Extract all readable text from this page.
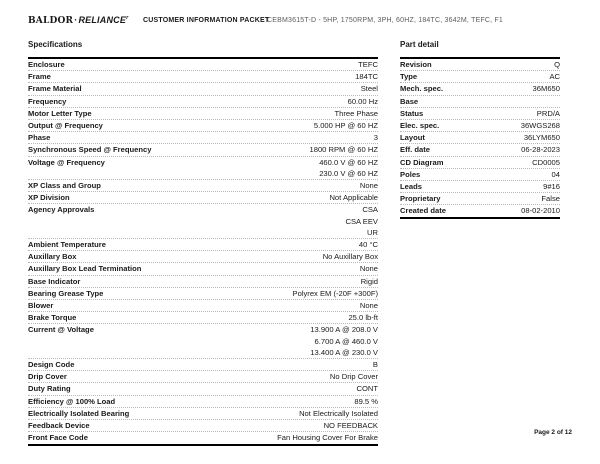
$BALDOR\cdot RELIANCE^r$ CUSTOMER INFORMATION PACKET
CEBM3615T-D - 5HP, 1750RPM, 3PH, 60HZ, 184TC, 3642M, TEFC, F1
Specifications
Enclosure	TEFC
Frame	184TC
Frame Material	Steel
Frequency	60.00 Hz
Motor Letter Type	Three Phase
Output @ Frequency	5.000 HP @ 60 HZ
Phase	3
Synchronous Speed @ Frequency	1800 RPM @ 60 HZ
Voltage @ Frequency	460.0 V @ 60 HZ
230.0 V @ 60 HZ
XP Class and Group	None
XP Division	Not Applicable
Agency Approvals	CSA
CSA EEV
UR
Ambient Temperature	40 °C
Auxillary Box	No Auxillary Box
Auxillary Box Lead Termination	None
Base Indicator	Rigid
Bearing Grease Type	Polyrex EM (-20F +300F)
Blower	None
Brake Torque	25.0 lb-ft
Current @ Voltage	13.900 A @ 208.0 V
6.700 A @ 460.0 V
13.400 A @ 230.0 V
Design Code	B
Drip Cover	No Drip Cover
Duty Rating	CONT
Efficiency @ 100% Load	89.5 %
Electrically Isolated Bearing	Not Electrically Isolated
Feedback Device	NO FEEDBACK
Front Face Code	Fan Housing Cover For Brake
Part detail
Revision	Q
Type	AC
Mech. spec.	36M650
Base
Status	PRD/A
Elec. spec.	36WGS268
Layout	36LYM650
Eff. date	06-28-2023
CD Diagram	CD0005
Poles	04
Leads	9#16
Proprietary	False
Created date	08-02-2010
Page 2 of 12
